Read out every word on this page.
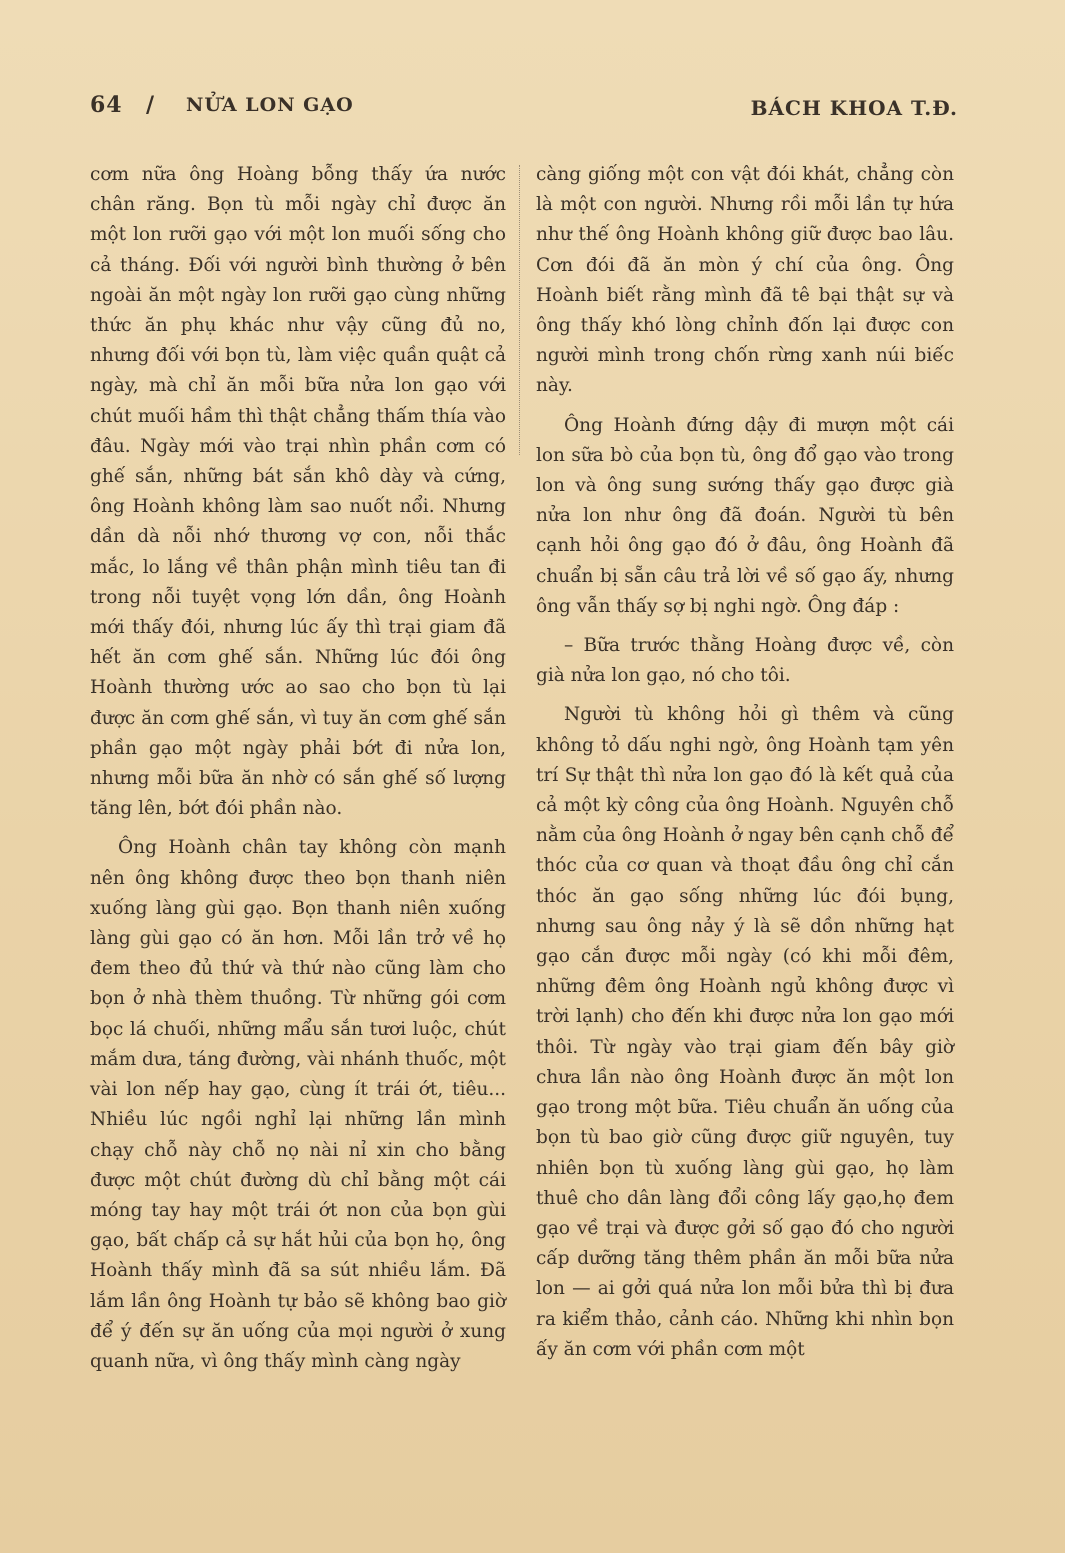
64 / NỬA LON GẠO	BÁCH KHOA T.Đ.

cơm nữa ông Hoàng bỗng thấy ứa nước chân răng. Bọn tù mỗi ngày chỉ được ăn một lon rưỡi gạo với một lon muối sống cho cả tháng. Đối với người bình thường ở bên ngoài ăn một ngày lon rưỡi gạo cùng những thức ăn phụ khác như vậy cũng đủ no, nhưng đối với bọn tù, làm việc quần quật cả ngày, mà chỉ ăn mỗi bữa nửa lon gạo với chút muối hầm thì thật chẳng thấm thía vào đâu. Ngày mới vào trại nhìn phần cơm có ghế sắn, những bát sắn khô dày và cứng, ông Hoành không làm sao nuốt nổi. Nhưng dần dà nỗi nhớ thương vợ con, nỗi thắc mắc, lo lắng về thân phận mình tiêu tan đi trong nỗi tuyệt vọng lớn dần, ông Hoành mới thấy đói, nhưng lúc ấy thì trại giam đã hết ăn cơm ghế sắn. Những lúc đói ông Hoành thường ước ao sao cho bọn tù lại được ăn cơm ghế sắn, vì tuy ăn cơm ghế sắn phần gạo một ngày phải bớt đi nửa lon, nhưng mỗi bữa ăn nhờ có sắn ghế số lượng tăng lên, bớt đói phần nào.

Ông Hoành chân tay không còn mạnh nên ông không được theo bọn thanh niên xuống làng gùi gạo. Bọn thanh niên xuống làng gùi gạo có ăn hơn. Mỗi lần trở về họ đem theo đủ thứ và thứ nào cũng làm cho bọn ở nhà thèm thuồng. Từ những gói cơm bọc lá chuối, những mẩu sắn tươi luộc, chút mắm dưa, táng đường, vài nhánh thuốc, một vài lon nếp hay gạo, cùng ít trái ớt, tiêu... Nhiều lúc ngồi nghỉ lại những lần mình chạy chỗ này chỗ nọ nài nỉ xin cho bằng được một chút đường dù chỉ bằng một cái móng tay hay một trái ớt non của bọn gùi gạo, bất chấp cả sự hắt hủi của bọn họ, ông Hoành thấy mình đã sa sút nhiều lắm. Đã lắm lần ông Hoành tự bảo sẽ không bao giờ để ý đến sự ăn uống của mọi người ở xung quanh nữa, vì ông thấy mình càng ngày

càng giống một con vật đói khát, chẳng còn là một con người. Nhưng rồi mỗi lần tự hứa như thế ông Hoành không giữ được bao lâu. Cơn đói đã ăn mòn ý chí của ông. Ông Hoành biết rằng mình đã tê bại thật sự và ông thấy khó lòng chỉnh đốn lại được con người mình trong chốn rừng xanh núi biếc này.

Ông Hoành đứng dậy đi mượn một cái lon sữa bò của bọn tù, ông đổ gạo vào trong lon và ông sung sướng thấy gạo được già nửa lon như ông đã đoán. Người tù bên cạnh hỏi ông gạo đó ở đâu, ông Hoành đã chuẩn bị sẵn câu trả lời về số gạo ấy, nhưng ông vẫn thấy sợ bị nghi ngờ. Ông đáp :

– Bữa trước thằng Hoàng được về, còn già nửa lon gạo, nó cho tôi.

Người tù không hỏi gì thêm và cũng không tỏ dấu nghi ngờ, ông Hoành tạm yên trí Sự thật thì nửa lon gạo đó là kết quả của cả một kỳ công của ông Hoành. Nguyên chỗ nằm của ông Hoành ở ngay bên cạnh chỗ để thóc của cơ quan và thoạt đầu ông chỉ cắn thóc ăn gạo sống những lúc đói bụng, nhưng sau ông nảy ý là sẽ dồn những hạt gạo cắn được mỗi ngày (có khi mỗi đêm, những đêm ông Hoành ngủ không được vì trời lạnh) cho đến khi được nửa lon gạo mới thôi. Từ ngày vào trại giam đến bây giờ chưa lần nào ông Hoành được ăn một lon gạo trong một bữa. Tiêu chuẩn ăn uống của bọn tù bao giờ cũng được giữ nguyên, tuy nhiên bọn tù xuống làng gùi gạo, họ làm thuê cho dân làng đổi công lấy gạo,họ đem gạo về trại và được gởi số gạo đó cho người cấp dưỡng tăng thêm phần ăn mỗi bữa nửa lon — ai gởi quá nửa lon mỗi bửa thì bị đưa ra kiểm thảo, cảnh cáo. Những khi nhìn bọn ấy ăn cơm với phần cơm một
